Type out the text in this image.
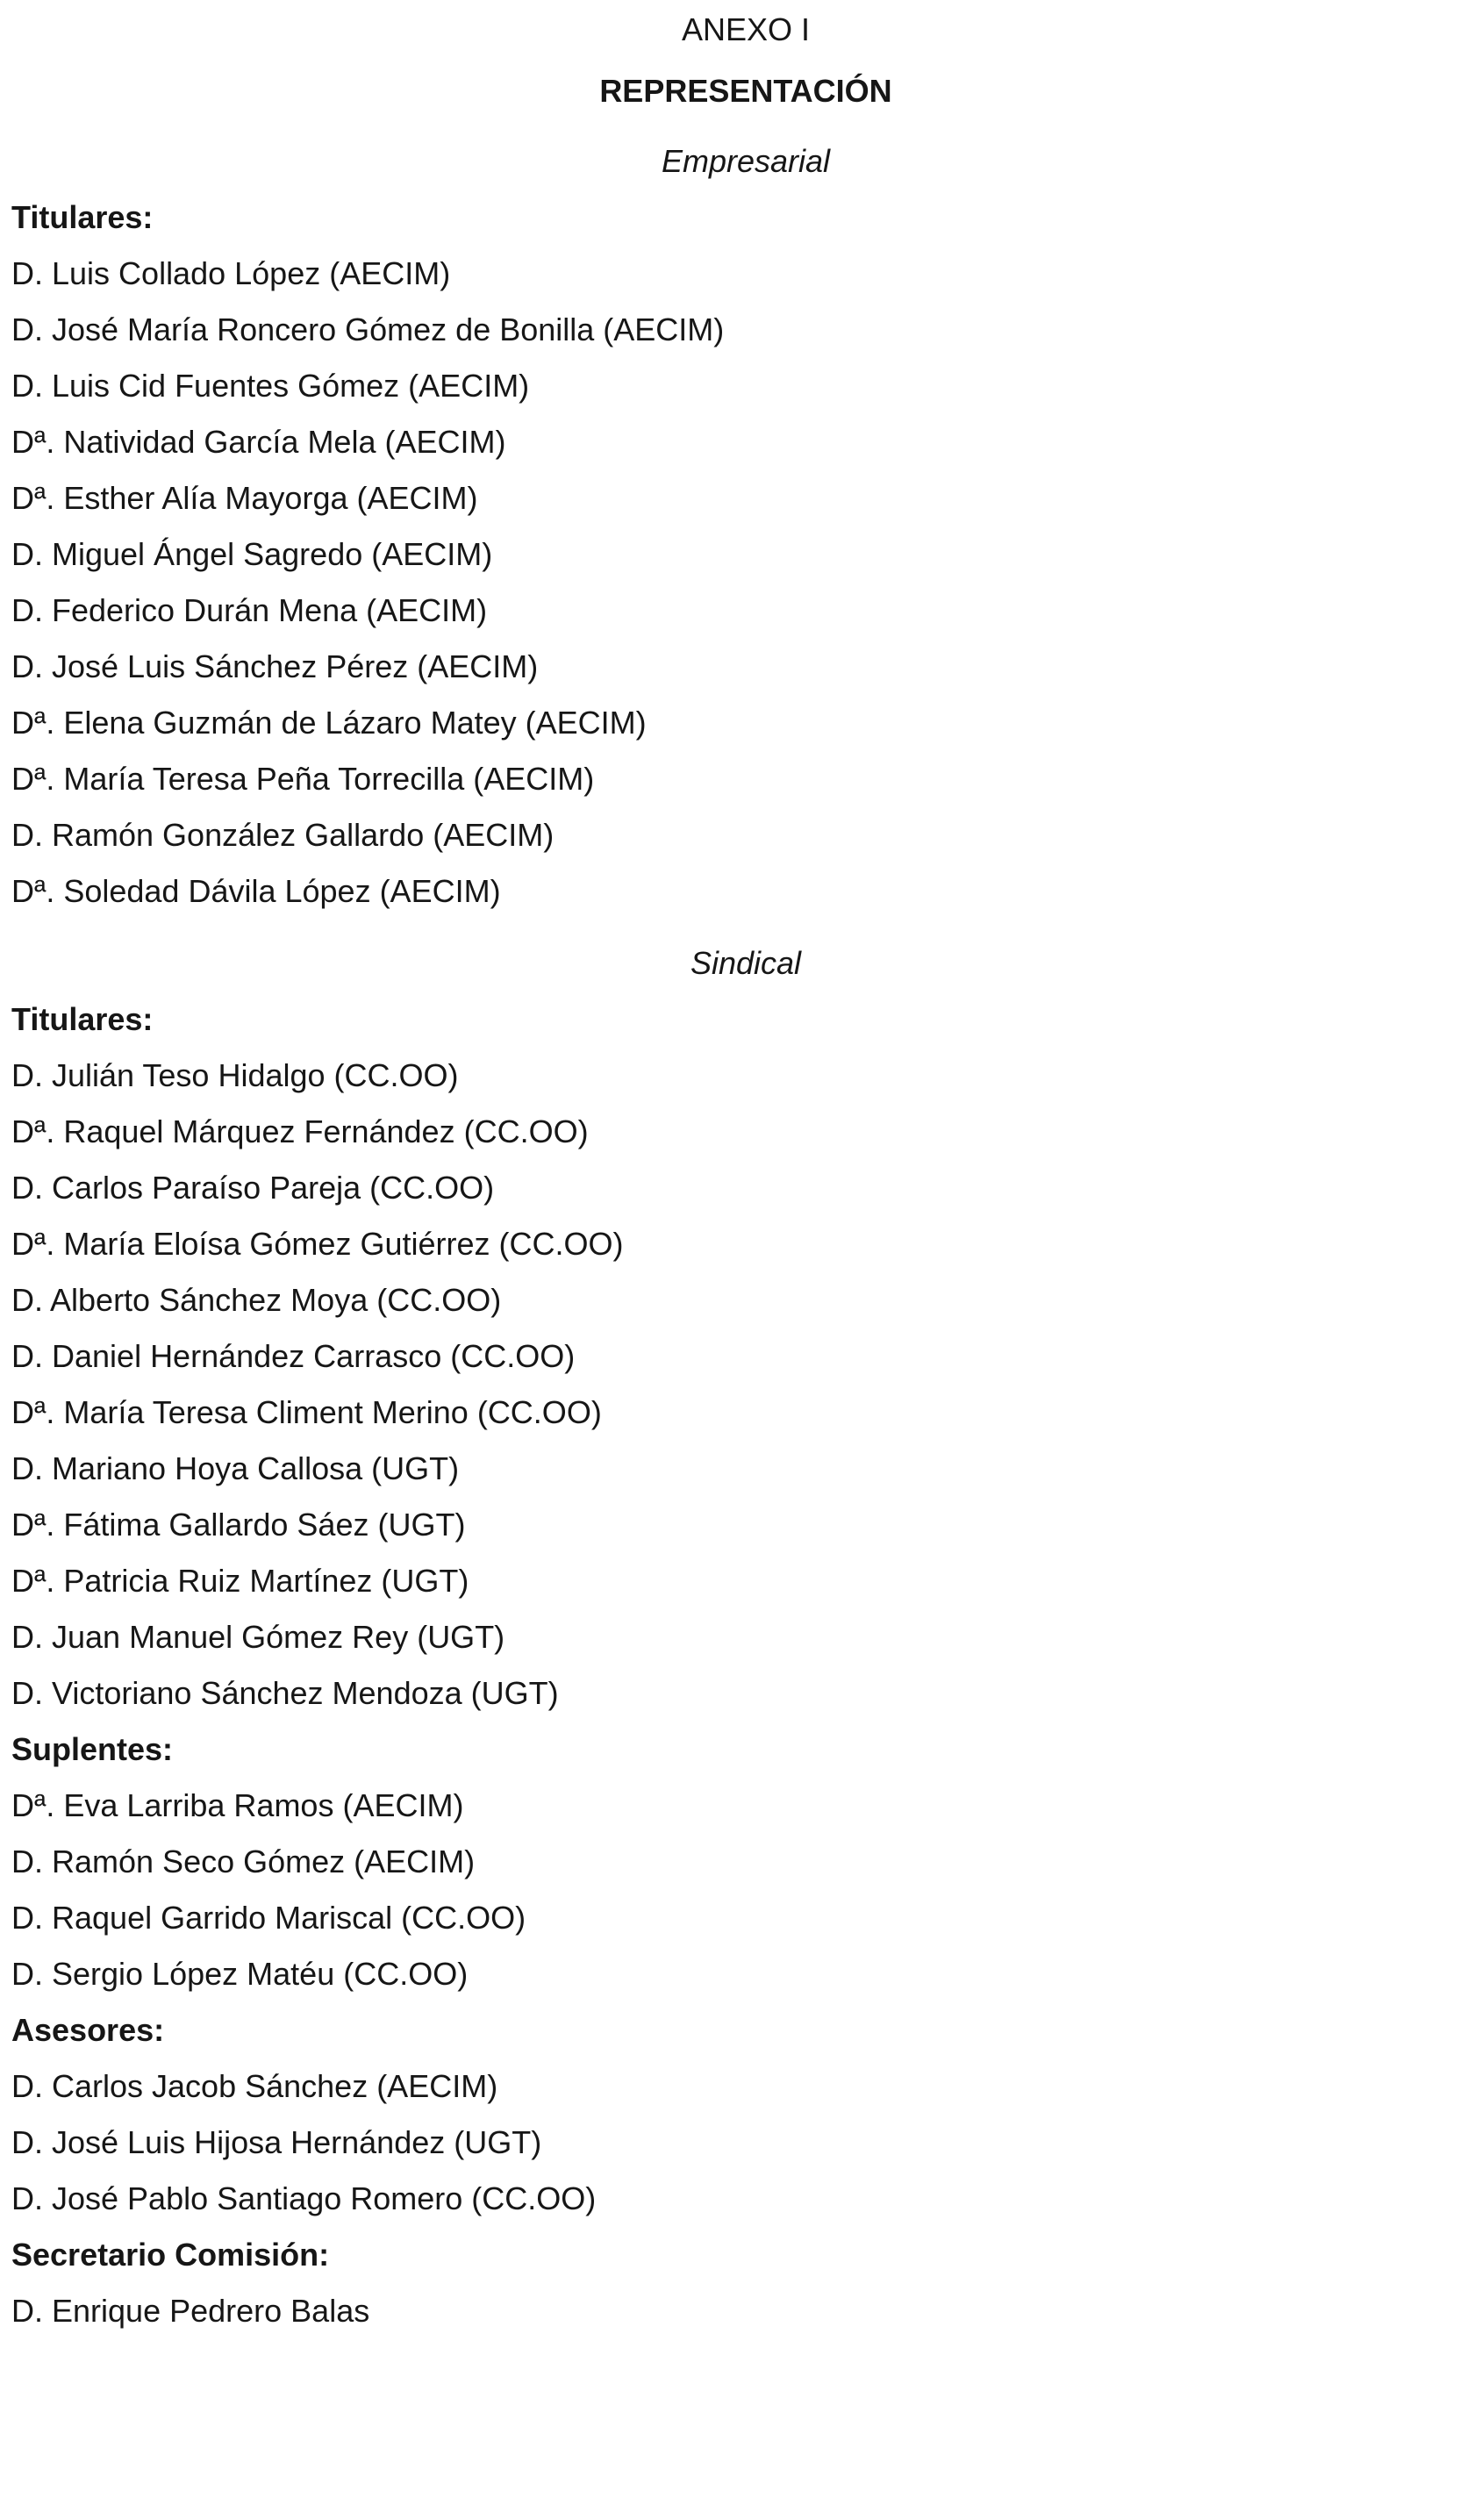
ANEXO I
REPRESENTACIÓN
Empresarial
Titulares:
D. Luis Collado López (AECIM)
D. José María Roncero Gómez de Bonilla (AECIM)
D. Luis Cid Fuentes Gómez (AECIM)
Dª. Natividad García Mela (AECIM)
Dª. Esther Alía Mayorga (AECIM)
D. Miguel Ángel Sagredo (AECIM)
D. Federico Durán Mena (AECIM)
D. José Luis Sánchez Pérez (AECIM)
Dª. Elena Guzmán de Lázaro Matey (AECIM)
Dª. María Teresa Peña Torrecilla (AECIM)
D. Ramón González Gallardo (AECIM)
Dª. Soledad Dávila López (AECIM)
Sindical
Titulares:
D. Julián Teso Hidalgo (CC.OO)
Dª. Raquel Márquez Fernández (CC.OO)
D. Carlos Paraíso Pareja (CC.OO)
Dª. María Eloísa Gómez Gutiérrez (CC.OO)
D. Alberto Sánchez Moya (CC.OO)
D. Daniel Hernández Carrasco (CC.OO)
Dª. María Teresa Climent Merino (CC.OO)
D. Mariano Hoya Callosa (UGT)
Dª. Fátima Gallardo Sáez (UGT)
Dª. Patricia Ruiz Martínez (UGT)
D. Juan Manuel Gómez Rey (UGT)
D. Victoriano Sánchez Mendoza (UGT)
Suplentes:
Dª. Eva Larriba Ramos (AECIM)
D. Ramón Seco Gómez (AECIM)
D. Raquel Garrido Mariscal (CC.OO)
D. Sergio López Matéu (CC.OO)
Asesores:
D. Carlos Jacob Sánchez (AECIM)
D. José Luis Hijosa Hernández (UGT)
D. José Pablo Santiago Romero (CC.OO)
Secretario Comisión:
D. Enrique Pedrero Balas
